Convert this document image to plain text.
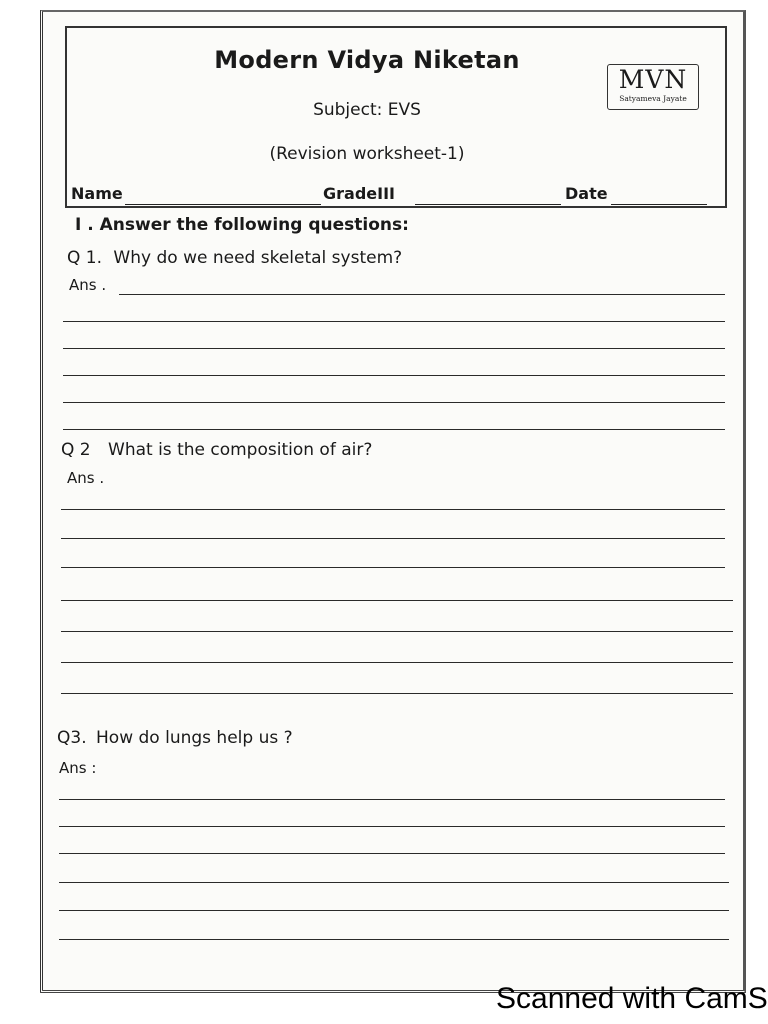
Modern Vidya Niketan
Subject: EVS
(Revision worksheet-1)
MVN
Satyameva Jayate
Name	GradeIII	Date
I . Answer the following questions:
Q 1. Why do we need skeletal system?
Ans .
Q 2 What is the composition of air?
Ans .
Q3. How do lungs help us ?
Ans :
Scanned with CamS
